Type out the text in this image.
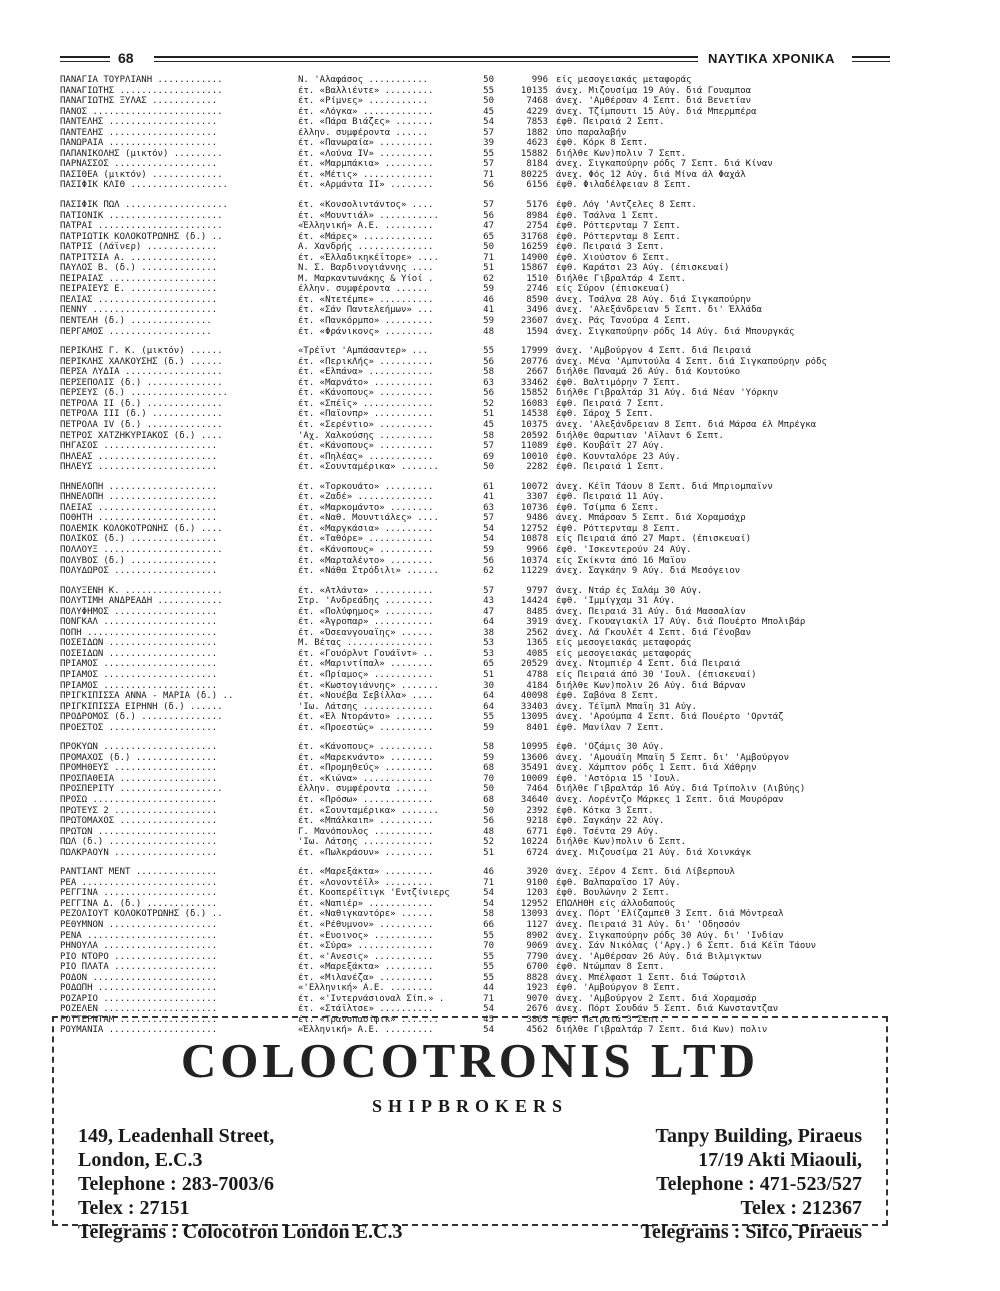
68	ΝΑΥΤΙΚΑ ΧΡΟΝΙΚΑ
ΠΑΝΑΓΙΑ ΤΟΥΡΛΙΑΝΗ ............	Ν. 'Αλαφάσος ...........	50	996 είς μεσογειακάς μεταφοράς
ΠΑΝΑΓΙΩΤΗΣ ...................	έτ. «Βαλλιέντε» .........	55	10135 άνεχ. Μιζουσίμα 19 Αύγ. διά Γουαμποα
ΠΑΝΑΓΙΩΤΗΣ ΞΥΛΑΣ ............	έτ. «Ρίμνες» ...........	50	7468 άνεχ. 'Αμθέρσαν 4 Σεπτ. διά Βενετίαν
ΠΑΝΟΣ ........................	έτ. «Λόγκα» .............	45	4229 άνεχ. Τζίμπουτι 15 Αύγ. διά Μπερμπέρα
ΠΑΝΤΕΛΗΣ ....................	έτ. «Πάρα Βιάζες» .......	54	7853 έφθ. Πειραιά 2 Σεπτ.
ΠΑΝΤΕΛΗΣ ....................	έλλην. συμφέροντα ......	57	1882 ύπο παραλαβήν
ΠΑΝΩΡΑΙΑ ....................	έτ. «Πανωραία» ..........	39	4623 έφθ. Κόρκ 8 Σεπτ.
ΠΑΠΑΝΙΚΟΛΗΣ (μικτόν) .........	έτ. «Λούνα ΙV» ..........	55	15882 διήλθε Κων)πολιν 7 Σεπτ.
ΠΑΡΝΑΣΣΟΣ ...................	έτ. «Μαρμπάκια» .........	57	8184 άνεχ. Σιγκαπούρην ρόδς 7 Σεπτ. διά Κίναν
ΠΑΣΙΘΕΑ (μικτόν) .............	έτ. «Μέτις» .............	71	80225 άνεχ. Φός 12 Αύγ. διά Μίνα άλ Φαχάλ
ΠΑΣΙΦΙΚ ΚΛΙΘ ..................	έτ. «Αρμάντα ΙΙ» ........	56	6156 έφθ. Φιλαδέλφειαν 8 Σεπτ.
ΠΑΣΙΦΙΚ ΠΩΛ ...................	έτ. «Κονσολιντάντος» ....	57	5176 έφθ. Λόγ 'Αντζελες 8 Σεπτ.
ΠΑΤΙΟΝΙΚ .....................	έτ. «Μουντιάλ» ...........	56	8984 έφθ. Τσάλνα 1 Σεπτ.
ΠΑΤΡΑΙ .......................	«Έλληνική» Α.Ε. .........	47	2754 έφθ. Ρόττερνταμ 7 Σεπτ.
ΠΑΤΡΙΩΤΙΚ ΚΟΛΟΚΟΤΡΩΝΗΣ (δ.) ..	έτ. «Μάρες» .............	65	31768 έφθ. Ρόττερνταμ 8 Σεπτ.
ΠΑΤΡΙΣ (Λάϊνερ) .............	Α. Χανδρής ..............	50	16259 έφθ. Πειραιά 3 Σεπτ.
ΠΑΤΡΙΤΣΙΑ Α. ................	έτ. «Έλλαδικηκέϊτορε» ....	71	14900 έφθ. Χιούστον 6 Σεπτ.
ΠΑΥΛΟΣ Β. (δ.) ..............	Ν. Σ. Βαρδινογιάννης ....	51	15867 έφθ. Καράτσι 23 Αύγ. (έπισκευαί)
ΠΕΙΡΑΙΑΣ ....................	Μ. Μαρκαντωνάκης & Υίοί .	62	1510 διήλθε Γιβραλτάρ 4 Σεπτ.
ΠΕΙΡΑΙΕΥΣ Ε. ................	έλλην. συμφέροντα ......	59	2746 είς Σύρον (έπισκευαί)
ΠΕΛΙΑΣ ......................	έτ. «Ντετέμπε» ..........	46	8590 άνεχ. Τσάλνα 28 Αύγ. διά Σιγκαπούρην
ΠΕΝΝΥ .......................	έτ. «Σάν Παντελεήμων» ...	41	3496 άνεχ. 'Αλεξάνδρειαν 5 Σεπτ. δι' Έλλάδα
ΠΕΝΤΕΛΗ (δ.) ...............	έτ. «Πανκόρμπο» .........	59	23607 άνεχ. Ράς Τανούρα 4 Σεπτ.
ΠΕΡΓΑΜΟΣ ...................	έτ. «Φράνικονς» .........	48	1594 άνεχ. Σιγκαπούρην ρόδς 14 Αύγ. διά Μπουργκάς
ΠΕΡΙΚΛΗΣ Γ. Κ. (μικτόν) ......	«Τρέϊντ 'Αμπάσαντερ» ...	55	17999 άνεχ. 'Αμβούργον 4 Σεπτ. διά Πειραιά
ΠΕΡΙΚΛΗΣ ΧΑΛΚΟΥΣΗΣ (δ.) ......	έτ. «ΠερικΛής» ..........	56	20776 άνεχ. Μένα 'Αμπντούλα 4 Σεπτ. διά Σιγκαπούρην ρόδς
ΠΕΡΣΑ ΛΥΔΙΑ ..................	έτ. «Ελπάνα» ............	58	2667 διήλθε Παναμά 26 Αύγ. διά Κουτούκο
ΠΕΡΣΕΠΟΛΙΣ (δ.) ..............	έτ. «Μαρνάτο» ...........	63	33462 έφθ. Βαλτιμόρην 7 Σεπτ.
ΠΕΡΣΕΥΣ (δ.) ..................	έτ. «Κάνοπους» ..........	56	15852 διήλθε Γιβραλτάρ 31 Αύγ. διά Νέαν 'Υόρκην
ΠΕΤΡΟΛΑ ΙΙ (δ.) ..............	έτ. «Σπέϊς» .............	52	16083 έφθ. Πειραιά 7 Σεπτ.
ΠΕΤΡΟΛΑ ΙΙΙ (δ.) .............	έτ. «Παϊονπρ» ...........	51	14538 έφθ. Σάροχ 5 Σεπτ.
ΠΕΤΡΟΛΑ ΙV (δ.) ..............	έτ. «Σερέντιο» ..........	45	10375 άνεχ. 'Αλεξάνδρειαν 8 Σεπτ. διά Μάρσα έλ Μπρέγκα
ΠΕΤΡΟΣ ΧΑΤΖΗΚΥΡΙΑΚΟΣ (δ.) ....	'Αχ. Χαλκούσης ..........	58	20592 διήλθε Θαρωτιαν 'Αϊλαντ 6 Σεπτ.
ΠΗΓΑΣΟΣ .....................	έτ. «Κάνοπους» ..........	57	11089 έφθ. Κουβάϊτ 27 Αύγ.
ΠΗΛΕΑΣ ......................	έτ. «Πηλέας» ............	69	10010 έφθ. Κουνταλόρε 23 Αύγ.
ΠΗΛΕΥΣ ......................	έτ. «Σουνταμέρικα» .......	50	2282 έφθ. Πειραιά 1 Σεπτ.
ΠΗΝΕΛΟΠΗ ....................	έτ. «Τορκουάτο» .........	61	10072 άνεχ. Κέϊπ Τάουν 8 Σεπτ. διά Μπριομπαϊνν
ΠΗΝΕΛΟΠΗ ....................	έτ. «Ζαδέ» ..............	41	3307 έφθ. Πειραιά 11 Αύγ.
ΠΛΕΙΑΣ ......................	έτ. «Μαρκομάντο» ........	63	10736 έφθ. Τσίμπα 6 Σεπτ.
ΠΟΘΗΤΗ ......................	έτ. «Ναθ. Μουντιάλες» ....	57	9486 άνεχ. Μπάρσαν 5 Σεπτ. διά Χοραμσάχρ
ΠΟΛΕΜΙΚ ΚΟΛΟΚΟΤΡΩΝΗΣ (δ.) ....	έτ. «Μαργκάσια» .........	54	12752 έφθ. Ρόττερνταμ 8 Σεπτ.
ΠΟΛΙΚΟΣ (δ.) ................	έτ. «Ταθόρε» ............	54	10878 είς Πειραιά άπό 27 Μαρτ. (έπισκευαί)
ΠΟΛΛΟΥΞ ......................	έτ. «Κάνοπους» ..........	59	9966 έφθ. 'Ισκεντερούν 24 Αύγ.
ΠΟΛΥΒΟΣ (δ.) ................	έτ. «Μαρταλέντο» ........	56	10374 είς Σκίκντα άπό 16 Μαΐου
ΠΟΛΥΔΩΡΟΣ ...................	έτ. «Νάθα Στρόδιλι» ......	62	11229 άνεχ. Σαγκάην 9 Αύγ. διά Μεσόγειον
ΠΟΛΥΞΕΝΗ Κ. ..................	έτ. «Ατλάντα» ...........	57	9797 άνεχ. Ντάρ ές Σαλάμ 30 Αύγ.
ΠΟΛΥΤΙΜΗ ΑΝΔΡΕΑΔΗ ............	Στρ. 'Ανδρεάδης .........	43	14424 έφθ. 'Ιμμίγχαμ 31 Αύγ.
ΠΟΛΥΦΗΜΟΣ ...................	έτ. «Πολύφημος» .........	47	8485 άνεχ. Πειραιά 31 Αύγ. διά Μασσαλίαν
ΠΟΝΓΚΑΛ .....................	έτ. «Άγροπαρ» ...........	64	3919 άνεχ. Γκουαγιακίλ 17 Αύγ. διά Πουέρτο Μπολιβάρ
ΠΟΠΗ ........................	έτ. «Όσεανγουαϊης» ......	38	2562 άνεχ. Λά Γκουλέτ 4 Σεπτ. διά Γένοβαν
ΠΟΣΕΙΔΩΝ ....................	Μ. Βέτας ................	53	1365 είς μεσογειακάς μεταφοράς
ΠΟΣΕΙΔΩΝ ....................	έτ. «Γουόρλντ Γουάϊντ» ..	53	4085 είς μεσογειακάς μεταφοράς
ΠΡΙΑΜΟΣ .....................	έτ. «Μαριντίπαλ» ........	65	20529 άνεχ. Ντομπιέρ 4 Σεπτ. διά Πειραιά
ΠΡΙΑΜΟΣ .....................	έτ. «Πρίαμος» ...........	51	4788 είς Πειραιά άπό 30 'Ιουλ. (έπισκευαί)
ΠΡΙΑΜΟΣ .....................	έτ. «Κωστογιάννης» .......	30	4184 διήλθε Κων)πολιν 26 Αύγ. διά Βάρναν
ΠΡΙΓΚΙΠΙΣΣΑ ΑΝΝΑ - ΜΑΡΙΑ (δ.) ..	έτ. «Νουέβα Σεβίλλα» ....	64	40098 έφθ. Σαβόνα 8 Σεπτ.
ΠΡΙΓΚΙΠΙΣΣΑ ΕΙΡΗΝΗ (δ.) ......	'Ιω. Λάτσης .............	64	33403 άνεχ. Τέϊμπλ Μπαϊη 31 Αύγ.
ΠΡΟΔΡΟΜΟΣ (δ.) ...............	έτ. «Έλ Ντοράντο» .......	55	13095 άνεχ. 'Αρούμπα 4 Σεπτ. διά Πουέρτο 'Ορντάζ
ΠΡΟΕΣΤΟΣ ....................	έτ. «Προεστώς» ..........	59	8401 έφθ. Μανίλαν 7 Σεπτ.
ΠΡΟΚΥΩΝ .....................	έτ. «Κάνοπους» ..........	58	10995 έφθ. 'Οζάμις 30 Αύγ.
ΠΡΟΜΑΧΟΣ (δ.) ...............	έτ. «Μαρεκνάντο» ........	59	13606 άνεχ. 'Αμουάϊη Μπαϊη 5 Σεπτ. δι' 'Αμβούργον
ΠΡΟΜΗΘΕΥΣ ...................	έτ. «Προμηθεύς» .........	68	35491 άνεχ. Χάμπτον ρόδς 1 Σεπτ. διά Χάθρην
ΠΡΟΣΠΑΘΕΙΑ ..................	έτ. «Κιώνα» .............	70	10009 έφθ. 'Αστόρια 15 'Ιουλ.
ΠΡΟΣΠΕΡΙΤΥ ...................	έλλην. συμφέροντα ......	50	7464 διήλθε Γιβραλτάρ 16 Αύγ. διά Τρίπολιν (Λιβύης)
ΠΡΟΣΩ .......................	έτ. «Πρόσω» .............	68	34640 άνεχ. Λορέντζο Μάρκες 1 Σεπτ. διά Μουρόραν
ΠΡΩΤΕΥΣ 2 ...................	έτ. «Σουνταμέρικα» .......	50	2392 έφθ. Κότκα 3 Σεπτ.
ΠΡΩΤΟΜΑΧΟΣ ..................	έτ. «Μπάλκαιπ» ..........	56	9218 έφθ. Σαγκάην 22 Αύγ.
ΠΡΩΤΩΝ ......................	Γ. Μανόπουλος ...........	48	6771 έφθ. Τσέντα 29 Αύγ.
ΠΩΛ (δ.) ....................	'Ιω. Λάτσης .............	52	10224 διήλθε Κων)πολιν 6 Σεπτ.
ΠΩΛΚΡΑΟΥΝ ...................	έτ. «Πωλκράουν» .........	51	6724 άνεχ. Μιζουσίμα 21 Αύγ. διά Χοινκάγκ
ΡΑΝΤΙΑΝΤ ΜΕΝΤ ...............	έτ. «Μαρεξάκτα» .........	46	3920 άνεχ. Ξέρον 4 Σεπτ. διά Λίβερπουλ
ΡΕΑ .........................	έτ. «Λονοντέϊλ» .........	71	9100 έφθ. Βαλπαραΐσο 17 Αύγ.
ΡΕΓΓΙΝΑ .....................	έτ. Κοοπερέϊτιγκ 'Εντζίνιερς	54	1203 έφθ. Βουλώνην 2 Σεπτ.
ΡΕΓΓΙΝΑ Δ. (δ.) .............	έτ. «Ναπιέρ» ............	54	12952 ΕΠΩΛΗΘΗ είς άλλοδαπούς
ΡΕΖΟΛΙΟΥΤ ΚΟΛΟΚΟΤΡΩΝΗΣ (δ.) ..	έτ. «Ναθιγκαντόρε» ......	58	13093 άνεχ. Πόρτ 'Ελίζαμπεθ 3 Σεπτ. διά Μόντρεαλ
ΡΕΘΥΜΝΟΝ ....................	έτ. «Ρέθυμνον» ..........	66	1127 άνεχ. Πειραιά 31 Αύγ. δι' 'Οδησσόν
ΡΕΝΑ ........................	έτ. «Ευοινος» ...........	55	8902 άνεχ. Σιγκαπούρην ρόδς 30 Αύγ. δι' 'Ινδίαν
ΡΗΝΟΥΛΑ .....................	έτ. «Σύρα» ..............	70	9069 άνεχ. Σάν Νικόλας ('Αργ.) 6 Σεπτ. διά Κέϊπ Τάουν
ΡΙΟ ΝΤΟΡΟ ...................	έτ. «'Ανεσις» ...........	55	7790 άνεχ. 'Αμθέρσαν 26 Αύγ. διά Βιλμιγκτων
ΡΙΟ ΠΛΑΤΑ ...................	έτ. «Μαρεξάκτα» .........	55	6700 έφθ. Ντώμπαν 8 Σεπτ.
ΡΟΔΟΝ .......................	έτ. «Μιλανέζα» ..........	55	8828 άνεχ. Μπέλφαστ 1 Σεπτ. διά Τσώρτσιλ
ΡΟΔΩΠΗ ......................	«'Ελληνική» Α.Ε. ........	44	1923 έφθ. 'Αμβούργον 8 Σεπτ.
ΡΟΖΑΡΙΟ .....................	έτ. «'Ιντερνάσιοναλ Σίπ.» .	71	9070 άνεχ. 'Αμβούργον 2 Σεπτ. διά Χοραμσάρ
ΡΟΖΕΛΕΝ .....................	έτ. «Στάϊλτσε» ..........	54	2676 άνεχ. Πόρτ Σουδάν 5 Σεπτ. διά Κωνσταντζαν
ΡΟΤΤΕΡΝΤΑΜ ..................	έτ. «Τρανσπασίφικ» .......	45	3863 έφθ. Πειραιά 3 Σεπτ.
ΡΟΥΜΑΝΙΑ ....................	«Έλληνική» Α.Ε. .........	54	4562 διήλθε Γιβραλτάρ 7 Σεπτ. διά Κων) πολιν
COLOCOTRONIS LTD
SHIPBROKERS
149, Leadenhall Street,
London, E.C.3
Telephone : 283-7003/6
Telex : 27151
Telegrams : Colocotron London E.C.3
Tanpy Building, Piraeus
17/19 Akti Miaouli,
Telephone : 471-523/527
Telex : 212367
Telegrams : Sifco, Piraeus
